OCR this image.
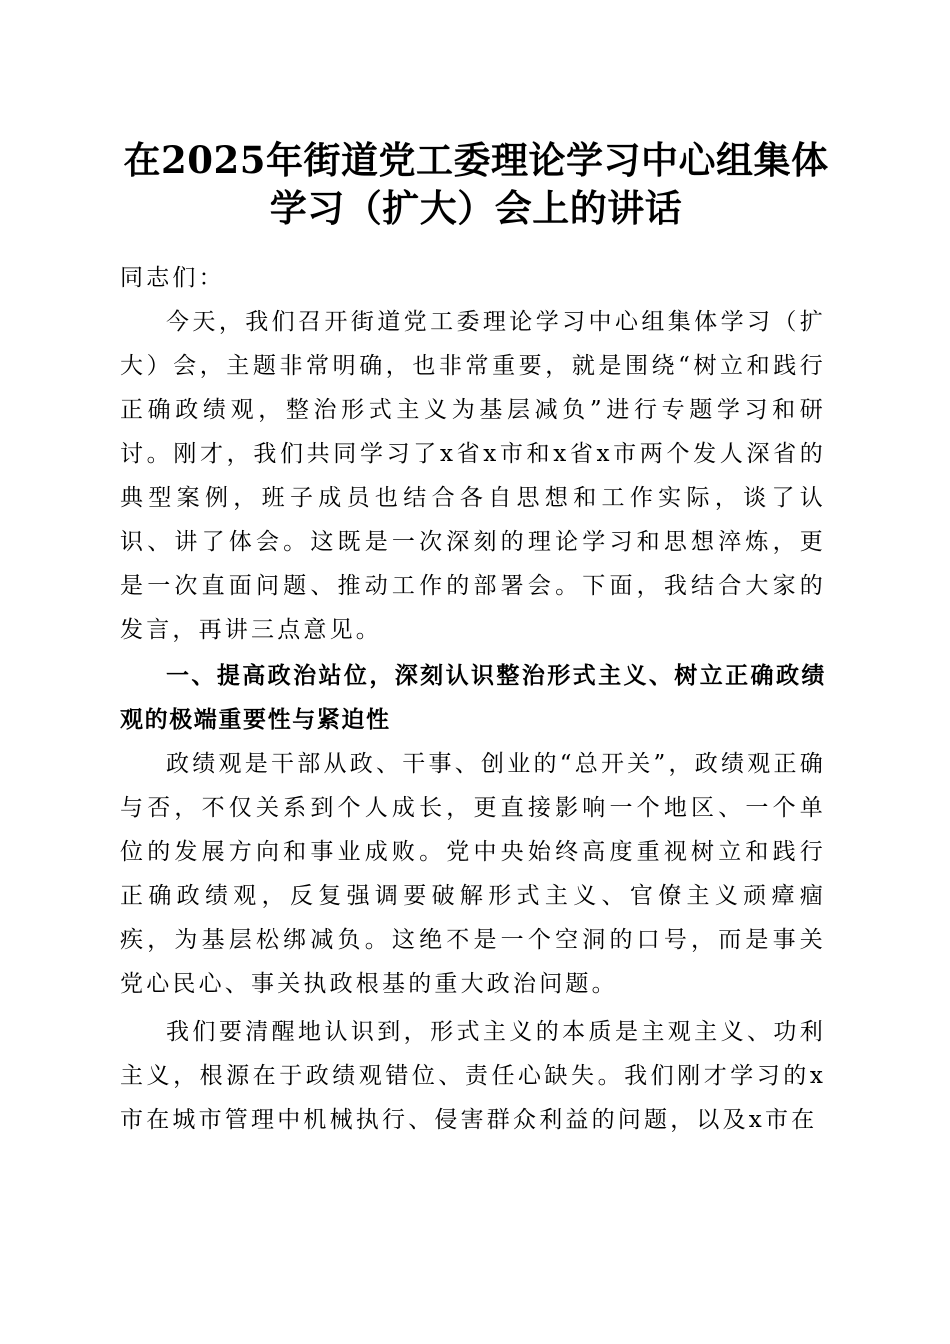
在2025年街道党工委理论学习中心组集体学习（扩大）会上的讲话

同志们：

今天，我们召开街道党工委理论学习中心组集体学习（扩大）会，主题非常明确，也非常重要，就是围绕“树立和践行正确政绩观，整治形式主义为基层减负”进行专题学习和研讨。刚才，我们共同学习了x省x市和x省x市两个发人深省的典型案例，班子成员也结合各自思想和工作实际，谈了认识、讲了体会。这既是一次深刻的理论学习和思想淬炼，更是一次直面问题、推动工作的部署会。下面，我结合大家的发言，再讲三点意见。

一、提高政治站位，深刻认识整治形式主义、树立正确政绩观的极端重要性与紧迫性

政绩观是干部从政、干事、创业的“总开关”，政绩观正确与否，不仅关系到个人成长，更直接影响一个地区、一个单位的发展方向和事业成败。党中央始终高度重视树立和践行正确政绩观，反复强调要破解形式主义、官僚主义顽瘴痼疾，为基层松绑减负。这绝不是一个空洞的口号，而是事关党心民心、事关执政根基的重大政治问题。

我们要清醒地认识到，形式主义的本质是主观主义、功利主义，根源在于政绩观错位、责任心缺失。我们刚才学习的x市在城市管理中机械执行、侵害群众利益的问题，以及x市在
